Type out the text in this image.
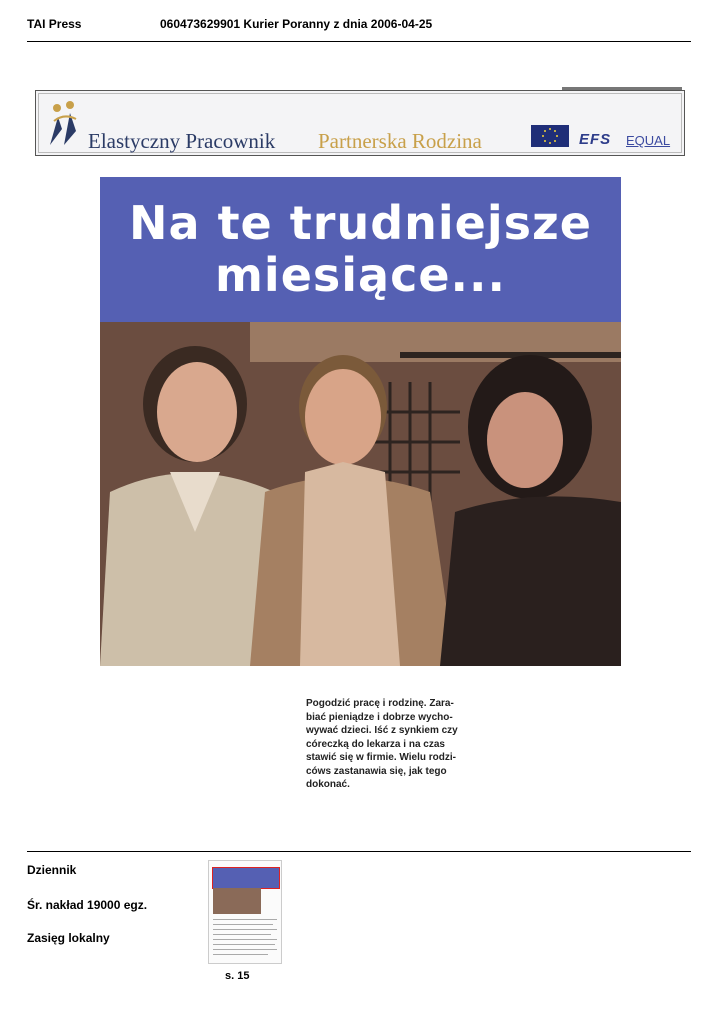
TAI Press	060473629901 Kurier Poranny z dnia 2006-04-25
Elastyczny Pracownik Partnerska Rodzina	EFS EQUAL
Na te trudniejsze
miesiące...
Pogodzić pracę i rodzinę. Zara-
biać pieniądze i dobrze wycho-
wywać dzieci. Iść z synkiem czy
córeczką do lekarza i na czas
stawić się w firmie. Wielu rodzi-
cóws zastanawia się, jak tego
dokonać.
Dziennik
Śr. nakład 19000 egz.
Zasięg lokalny
s. 15
